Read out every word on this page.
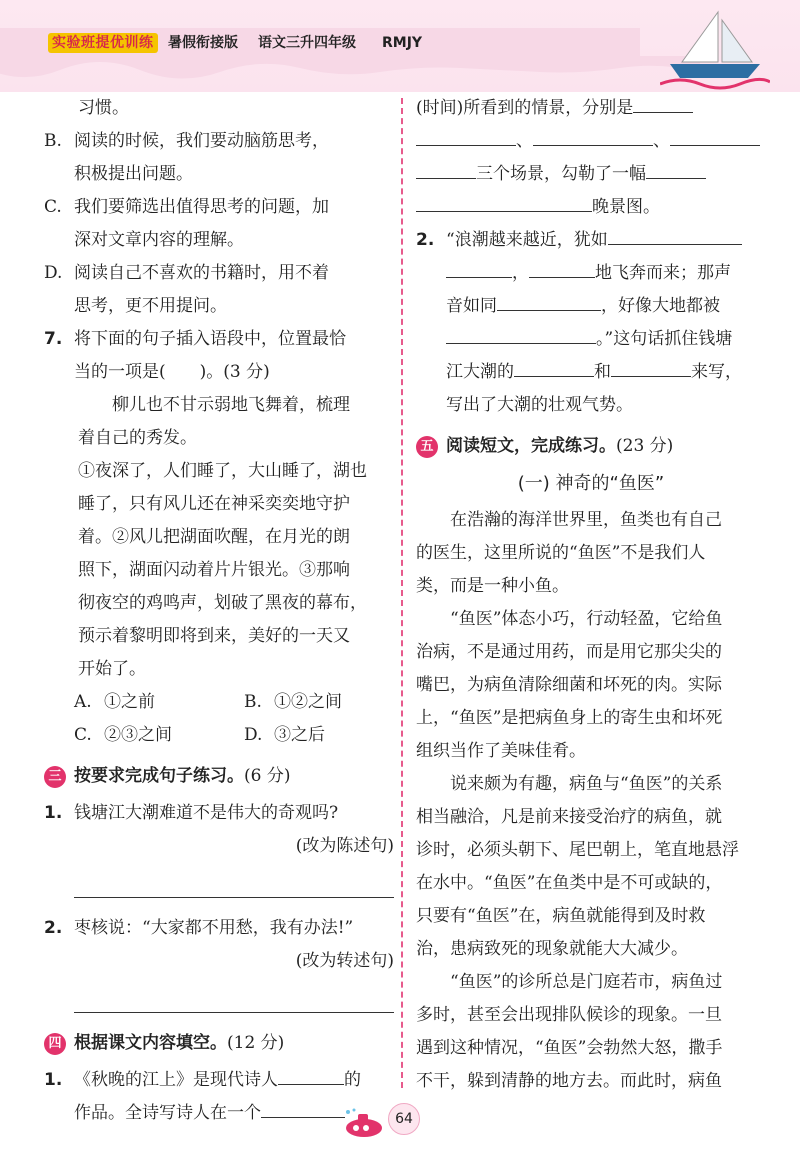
实验班提优训练 暑假衔接版 语文三升四年级 RMJY

习惯。

B. 阅读的时候，我们要动脑筋思考，

积极提出问题。

C. 我们要筛选出值得思考的问题，加

深对文章内容的理解。

D. 阅读自己不喜欢的书籍时，用不着

思考，更不用提问。

7. 将下面的句子插入语段中，位置最恰

当的一项是(　　)。(3 分)

柳儿也不甘示弱地飞舞着，梳理

着自己的秀发。

①夜深了，人们睡了，大山睡了，湖也

睡了，只有风儿还在神采奕奕地守护

着。②风儿把湖面吹醒，在月光的朗

照下，湖面闪动着片片银光。③那响

彻夜空的鸡鸣声，划破了黑夜的幕布，

预示着黎明即将到来，美好的一天又

开始了。

A. ①之前	B. ①②之间
C. ②③之间	D. ③之后
三 按要求完成句子练习。 (6 分)
1. 钱塘江大潮难道不是伟大的奇观吗?

(改为陈述句)

2. 枣核说：“大家都不用愁，我有办法!”

(改为转述句)

四 根据课文内容填空。 (12 分)
1. 《秋晚的江上》是现代诗人	的

作品。全诗写诗人在一个

(时间)所看到的情景，分别是

、	、

三个场景，勾勒了一幅

晚景图。

2. “浪潮越来越近，犹如

，	地飞奔而来；那声

音如同	，好像大地都被

。”这句话抓住钱塘

江大潮的	和	来写，

写出了大潮的壮观气势。

五 阅读短文，完成练习。 (23 分)

(一) 神奇的“鱼医”

在浩瀚的海洋世界里，鱼类也有自己

的医生，这里所说的“鱼医”不是我们人

类，而是一种小鱼。

“鱼医”体态小巧，行动轻盈，它给鱼

治病，不是通过用药，而是用它那尖尖的

嘴巴，为病鱼清除细菌和坏死的肉。实际

上，“鱼医”是把病鱼身上的寄生虫和坏死

组织当作了美味佳肴。

说来颇为有趣，病鱼与“鱼医”的关系

相当融洽，凡是前来接受治疗的病鱼，就

诊时，必须头朝下、尾巴朝上，笔直地悬浮

在水中。“鱼医”在鱼类中是不可或缺的，

只要有“鱼医”在，病鱼就能得到及时救

治，患病致死的现象就能大大减少。

“鱼医”的诊所总是门庭若市，病鱼过

多时，甚至会出现排队候诊的现象。一旦

遇到这种情况，“鱼医”会勃然大怒，撒手

不干，躲到清静的地方去。而此时，病鱼

64
